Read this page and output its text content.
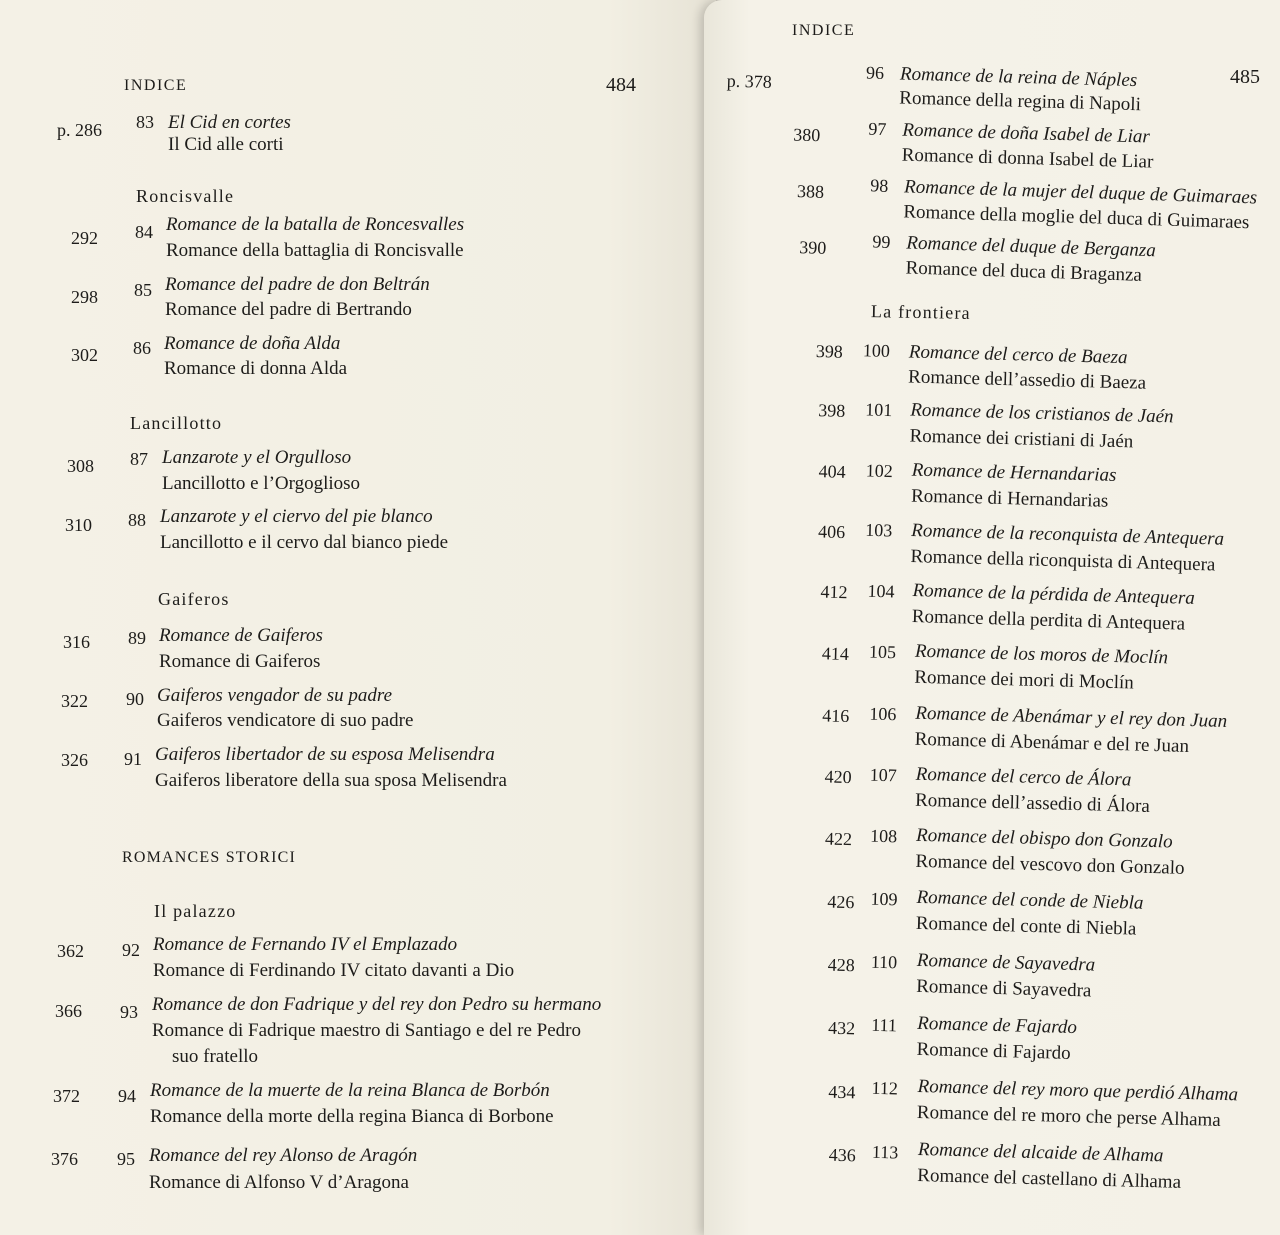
INDICE	484
p. 286 83 El Cid en cortes
Il Cid alle corti
Roncisvalle
292 84 Romance de la batalla de Roncesvalles
Romance della battaglia di Roncisvalle
298 85 Romance del padre de don Beltrán
Romance del padre di Bertrando
302 86 Romance de doña Alda
Romance di donna Alda
Lancillotto
308 87 Lanzarote y el Orgulloso
Lancillotto e l’Orgoglioso
310 88 Lanzarote y el ciervo del pie blanco
Lancillotto e il cervo dal bianco piede
Gaiferos
316 89 Romance de Gaiferos
Romance di Gaiferos
322 90 Gaiferos vengador de su padre
Gaiferos vendicatore di suo padre
326 91 Gaiferos libertador de su esposa Melisendra
Gaiferos liberatore della sua sposa Melisendra
ROMANCES STORICI
Il palazzo
362 92 Romance de Fernando IV el Emplazado
Romance di Ferdinando IV citato davanti a Dio
366 93 Romance de don Fadrique y del rey don Pedro su hermano
Romance di Fadrique maestro di Santiago e del re Pedro
suo fratello
372 94 Romance de la muerte de la reina Blanca de Borbón
Romance della morte della regina Bianca di Borbone
376 95 Romance del rey Alonso de Aragón
Romance di Alfonso V d’Aragona
INDICE
485
p. 378	96 Romance de la reina de Náples
Romance della regina di Napoli
380	97 Romance de doña Isabel de Liar
Romance di donna Isabel de Liar
388	98 Romance de la mujer del duque de Guimaraes
Romance della moglie del duca di Guimaraes
390	99 Romance del duque de Berganza
Romance del duca di Braganza
La frontiera
398 100 Romance del cerco de Baeza
Romance dell’assedio di Baeza
398 101 Romance de los cristianos de Jaén
Romance dei cristiani di Jaén
404 102 Romance de Hernandarias
Romance di Hernandarias
406 103 Romance de la reconquista de Antequera
Romance della riconquista di Antequera
412 104 Romance de la pérdida de Antequera
Romance della perdita di Antequera
414 105 Romance de los moros de Moclín
Romance dei mori di Moclín
416 106 Romance de Abenámar y el rey don Juan
Romance di Abenámar e del re Juan
420 107 Romance del cerco de Álora
Romance dell’assedio di Álora
422 108 Romance del obispo don Gonzalo
Romance del vescovo don Gonzalo
426 109 Romance del conde de Niebla
Romance del conte di Niebla
428 110 Romance de Sayavedra
Romance di Sayavedra
432 111 Romance de Fajardo
Romance di Fajardo
434 112 Romance del rey moro que perdió Alhama
Romance del re moro che perse Alhama
436 113 Romance del alcaide de Alhama
Romance del castellano di Alhama
